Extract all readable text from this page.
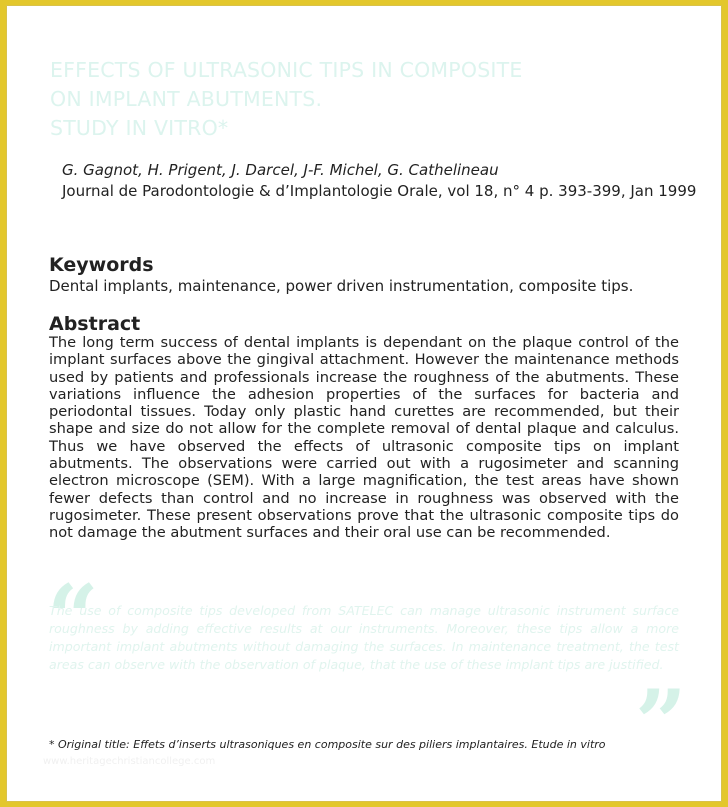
EFFECTS OF ULTRASONIC TIPS IN COMPOSITE
ON IMPLANT ABUTMENTS.
STUDY IN VITRO*
G. Gagnot, H. Prigent, J. Darcel, J-F. Michel, G. Cathelineau
Journal de Parodontologie & d’Implantologie Orale, vol 18, n° 4 p. 393-399, Jan 1999
Keywords
Dental implants, maintenance, power driven instrumentation, composite tips.
Abstract
The long term success of dental implants is dependant on the plaque control of the implant surfaces above the gingival attachment. However the maintenance methods used by patients and professionals increase the roughness of the abutments. These variations influence the adhesion properties of the surfaces for bacteria and periodontal tissues. Today only plastic hand curettes are recommended, but their shape and size do not allow for the complete removal of dental plaque and calculus. Thus we have observed the effects of ultrasonic composite tips on implant abutments. The observations were carried out with a rugosimeter and scanning electron microscope (SEM). With a large magnification, the test areas have shown fewer defects than control and no increase in roughness was observed with the rugosimeter. These present observations prove that the ultrasonic composite tips do not damage the abutment surfaces and their oral use can be recommended.
“
The use of composite tips developed from SATELEC can manage ultrasonic instrument surface roughness by adding effective results at our instruments. Moreover, these tips allow a more important implant abutments without damaging the surfaces. In maintenance treatment, the test areas can observe with the observation of plaque, that the use of these implant tips are justified.
”
* Original title: Effets d’inserts ultrasoniques en composite sur des piliers implantaires. Etude in vitro
www.heritagechristiancollege.com
